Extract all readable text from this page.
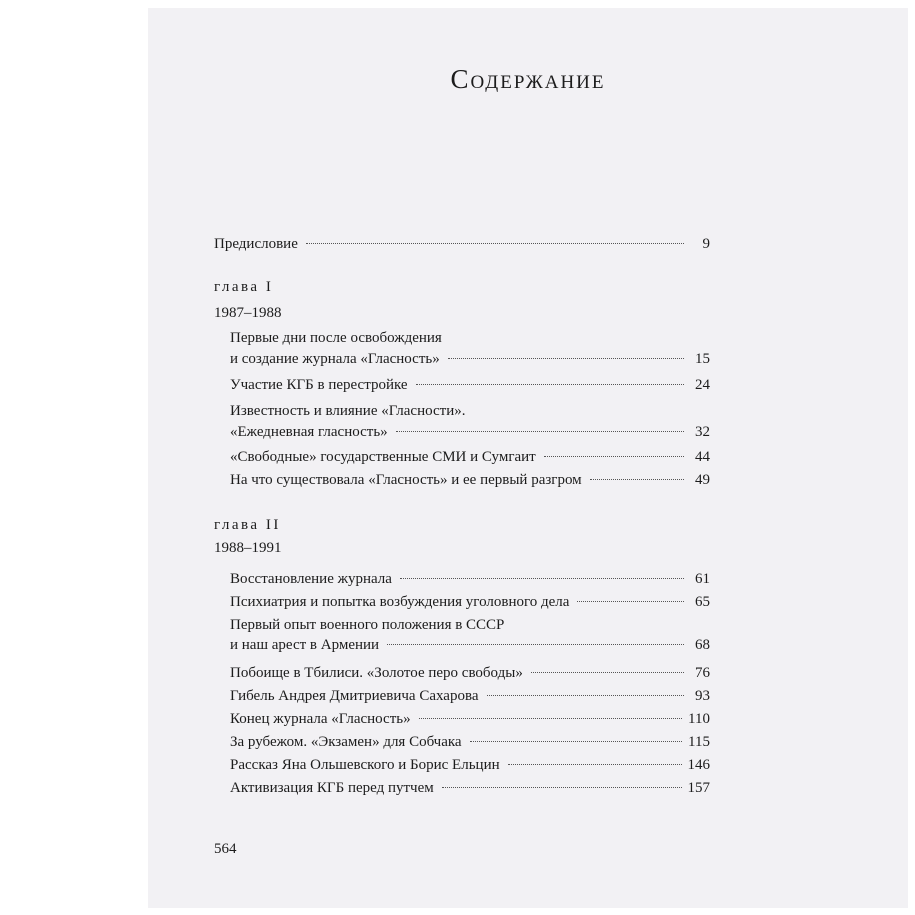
Содержание
Предисловие	9
глава I
1987–1988
Первые дни после освобождения
и создание журнала «Гласность»	15
Участие КГБ в перестройке	24
Известность и влияние «Гласности».
«Ежедневная гласность»	32
«Свободные» государственные СМИ и Сумгаит	44
На что существовала «Гласность» и ее первый разгром	49
глава II
1988–1991
Восстановление журнала	61
Психиатрия и попытка возбуждения уголовного дела	65
Первый опыт военного положения в СССР
и наш арест в Армении	68
Побоище в Тбилиси. «Золотое перо свободы»	76
Гибель Андрея Дмитриевича Сахарова	93
Конец журнала «Гласность»	110
За рубежом. «Экзамен» для Собчака	115
Рассказ Яна Ольшевского и Борис Ельцин	146
Активизация КГБ перед путчем	157
564
